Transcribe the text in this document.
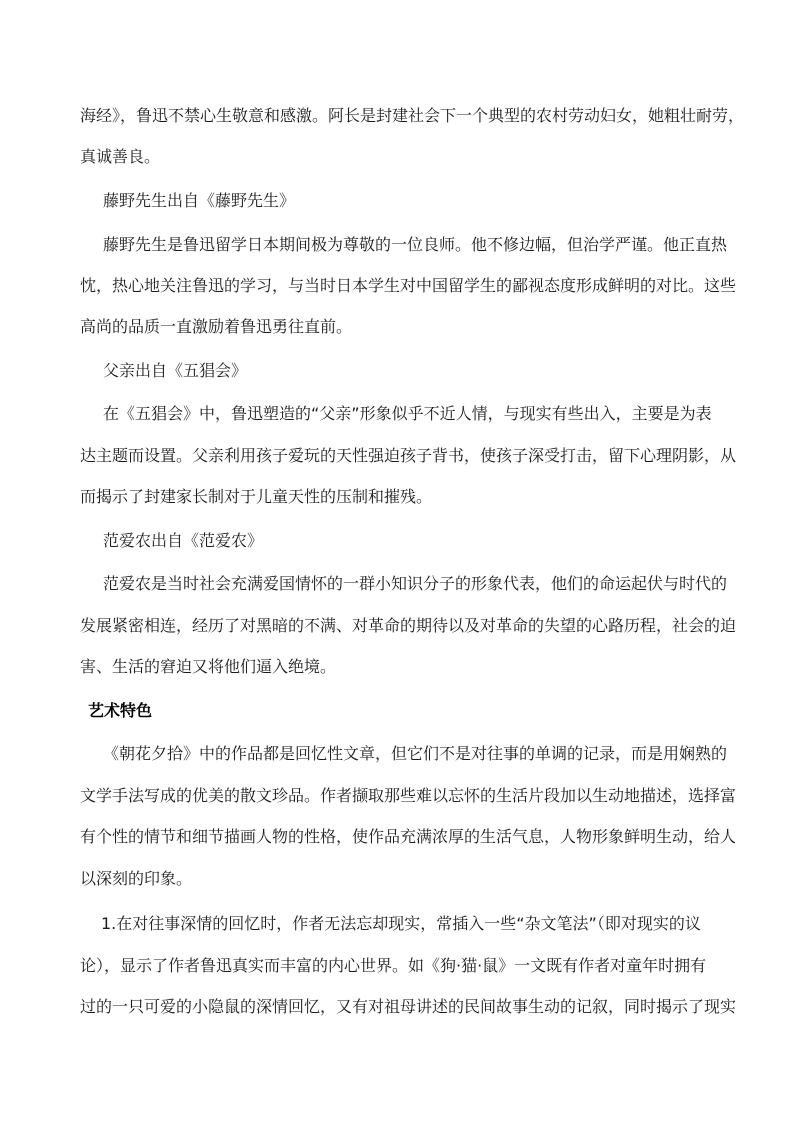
海经》，鲁迅不禁心生敬意和感激。阿长是封建社会下一个典型的农村劳动妇女，她粗壮耐劳，
真诚善良。
藤野先生出自《藤野先生》
藤野先生是鲁迅留学日本期间极为尊敬的一位良师。他不修边幅，但治学严谨。他正直热
忱，热心地关注鲁迅的学习，与当时日本学生对中国留学生的鄙视态度形成鲜明的对比。这些
高尚的品质一直激励着鲁迅勇往直前。
父亲出自《五猖会》
在《五猖会》中，鲁迅塑造的“父亲”形象似乎不近人情，与现实有些出入，主要是为表
达主题而设置。父亲利用孩子爱玩的天性强迫孩子背书，使孩子深受打击，留下心理阴影，从
而揭示了封建家长制对于儿童天性的压制和摧残。
范爱农出自《范爱农》
范爱农是当时社会充满爱国情怀的一群小知识分子的形象代表，他们的命运起伏与时代的
发展紧密相连，经历了对黑暗的不满、对革命的期待以及对革命的失望的心路历程，社会的迫
害、生活的窘迫又将他们逼入绝境。
艺术特色
《朝花夕拾》中的作品都是回忆性文章，但它们不是对往事的单调的记录，而是用娴熟的
文学手法写成的优美的散文珍品。作者撷取那些难以忘怀的生活片段加以生动地描述，选择富
有个性的情节和细节描画人物的性格，使作品充满浓厚的生活气息，人物形象鲜明生动，给人
以深刻的印象。
1.在对往事深情的回忆时，作者无法忘却现实，常插入一些“杂文笔法”（即对现实的议
论），显示了作者鲁迅真实而丰富的内心世界。如《狗·猫·鼠》一文既有作者对童年时拥有
过的一只可爱的小隐鼠的深情回忆，又有对祖母讲述的民间故事生动的记叙，同时揭示了现实
